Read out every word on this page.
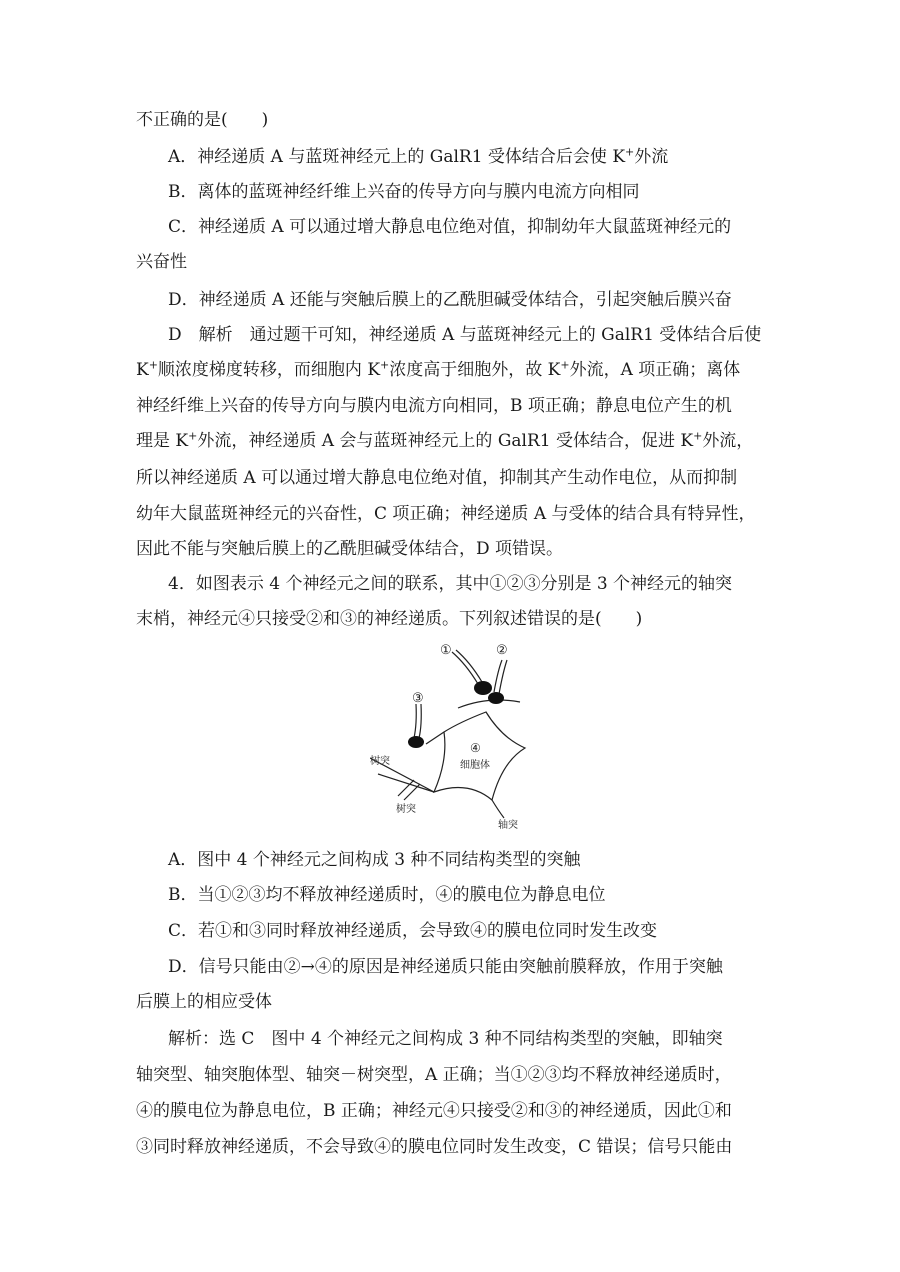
不正确的是(　　)
A．神经递质 A 与蓝斑神经元上的 GalR1 受体结合后会使 K+外流
B．离体的蓝斑神经纤维上兴奋的传导方向与膜内电流方向相同
C．神经递质 A 可以通过增大静息电位绝对值，抑制幼年大鼠蓝斑神经元的
兴奋性
D．神经递质 A 还能与突触后膜上的乙酰胆碱受体结合，引起突触后膜兴奋
D　解析　通过题干可知，神经递质 A 与蓝斑神经元上的 GalR1 受体结合后使
K+顺浓度梯度转移，而细胞内 K+浓度高于细胞外，故 K+外流，A 项正确；离体
神经纤维上兴奋的传导方向与膜内电流方向相同，B 项正确；静息电位产生的机
理是 K+外流，神经递质 A 会与蓝斑神经元上的 GalR1 受体结合，促进 K+外流，
所以神经递质 A 可以通过增大静息电位绝对值，抑制其产生动作电位，从而抑制
幼年大鼠蓝斑神经元的兴奋性，C 项正确；神经递质 A 与受体的结合具有特异性，
因此不能与突触后膜上的乙酰胆碱受体结合，D 项错误。
4．如图表示 4 个神经元之间的联系，其中①②③分别是 3 个神经元的轴突
末梢，神经元④只接受②和③的神经递质。下列叙述错误的是(　　)
①	②
③
④
细胞体
树突
树突
轴突
A．图中 4 个神经元之间构成 3 种不同结构类型的突触
B．当①②③均不释放神经递质时，④的膜电位为静息电位
C．若①和③同时释放神经递质，会导致④的膜电位同时发生改变
D．信号只能由②→④的原因是神经递质只能由突触前膜释放，作用于突触
后膜上的相应受体
解析：选 C　图中 4 个神经元之间构成 3 种不同结构类型的突触，即轴突
轴突型、轴突胞体型、轴突－树突型，A 正确；当①②③均不释放神经递质时，
④的膜电位为静息电位，B 正确；神经元④只接受②和③的神经递质，因此①和
③同时释放神经递质，不会导致④的膜电位同时发生改变，C 错误；信号只能由
